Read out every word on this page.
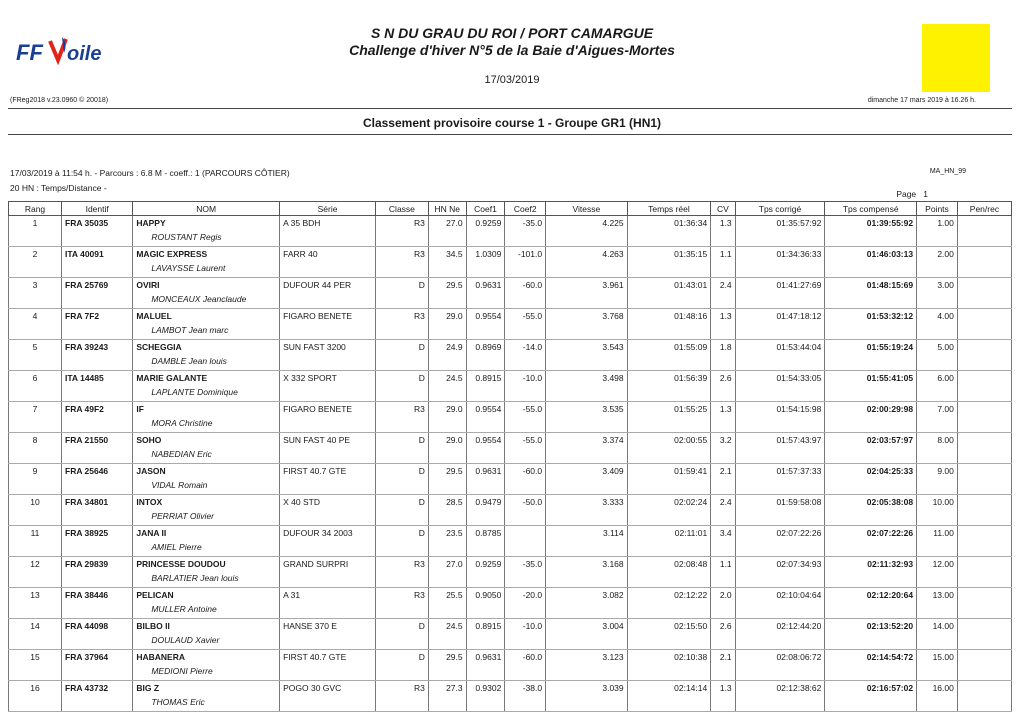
FF oile
S N DU GRAU DU ROI / PORT CAMARGUE
Challenge d'hiver N°5 de la Baie d'Aigues-Mortes
17/03/2019
(FReg2018 v.23.0960 © 20018)	dimanche 17 mars 2019 à 16.26 h.
Classement provisoire course 1 - Groupe GR1 (HN1)
17/03/2019 à 11:54 h. - Parcours : 6.8 M - coeff.: 1 (PARCOURS CÔTIER)
20 HN : Temps/Distance -
MA_HN_99
Page 1
Rang	Identif	NOM	Série	Classe	HN Ne	Coef1	Coef2	Vitesse	Temps réel	CV	Tps corrigé	Tps compensé	Points	Pen/rec
1	FRA 35035	HAPPY	A 35 BDH	R3	27.0	0.9259	-35.0	4.225	01:36:34	1.3	01:35:57:92	01:39:55:92	1.00	
		ROUSTANT Regis												
2	ITA 40091	MAGIC EXPRESS	FARR 40	R3	34.5	1.0309	-101.0	4.263	01:35:15	1.1	01:34:36:33	01:46:03:13	2.00	
		LAVAYSSE Laurent												
3	FRA 25769	OVIRI	DUFOUR 44 PER	D	29.5	0.9631	-60.0	3.961	01:43:01	2.4	01:41:27:69	01:48:15:69	3.00	
		MONCEAUX Jeanclaude												
4	FRA 7F2	MALUEL	FIGARO BENETE	R3	29.0	0.9554	-55.0	3.768	01:48:16	1.3	01:47:18:12	01:53:32:12	4.00	
		LAMBOT Jean marc												
5	FRA 39243	SCHEGGIA	SUN FAST 3200	D	24.9	0.8969	-14.0	3.543	01:55:09	1.8	01:53:44:04	01:55:19:24	5.00	
		DAMBLE Jean louis												
6	ITA 14485	MARIE GALANTE	X 332 SPORT	D	24.5	0.8915	-10.0	3.498	01:56:39	2.6	01:54:33:05	01:55:41:05	6.00	
		LAPLANTE Dominique												
7	FRA 49F2	IF	FIGARO BENETE	R3	29.0	0.9554	-55.0	3.535	01:55:25	1.3	01:54:15:98	02:00:29:98	7.00	
		MORA Christine												
8	FRA 21550	SOHO	SUN FAST 40 PE	D	29.0	0.9554	-55.0	3.374	02:00:55	3.2	01:57:43:97	02:03:57:97	8.00	
		NABEDIAN Eric												
9	FRA 25646	JASON	FIRST 40.7 GTE	D	29.5	0.9631	-60.0	3.409	01:59:41	2.1	01:57:37:33	02:04:25:33	9.00	
		VIDAL Romain												
10	FRA 34801	INTOX	X 40 STD	D	28.5	0.9479	-50.0	3.333	02:02:24	2.4	01:59:58:08	02:05:38:08	10.00	
		PERRIAT Olivier												
11	FRA 38925	JANA II	DUFOUR 34 2003	D	23.5	0.8785		3.114	02:11:01	3.4	02:07:22:26	02:07:22:26	11.00	
		AMIEL Pierre												
12	FRA 29839	PRINCESSE DOUDOU	GRAND SURPRI	R3	27.0	0.9259	-35.0	3.168	02:08:48	1.1	02:07:34:93	02:11:32:93	12.00	
		BARLATIER Jean louis												
13	FRA 38446	PELICAN	A 31	R3	25.5	0.9050	-20.0	3.082	02:12:22	2.0	02:10:04:64	02:12:20:64	13.00	
		MULLER Antoine												
14	FRA 44098	BILBO II	HANSE 370 E	D	24.5	0.8915	-10.0	3.004	02:15:50	2.6	02:12:44:20	02:13:52:20	14.00	
		DOULAUD Xavier												
15	FRA 37964	HABANERA	FIRST 40.7 GTE	D	29.5	0.9631	-60.0	3.123	02:10:38	2.1	02:08:06:72	02:14:54:72	15.00	
		MEDIONI Pierre												
16	FRA 43732	BIG Z	POGO 30 GVC	R3	27.3	0.9302	-38.0	3.039	02:14:14	1.3	02:12:38:62	02:16:57:02	16.00	
		THOMAS Eric												
